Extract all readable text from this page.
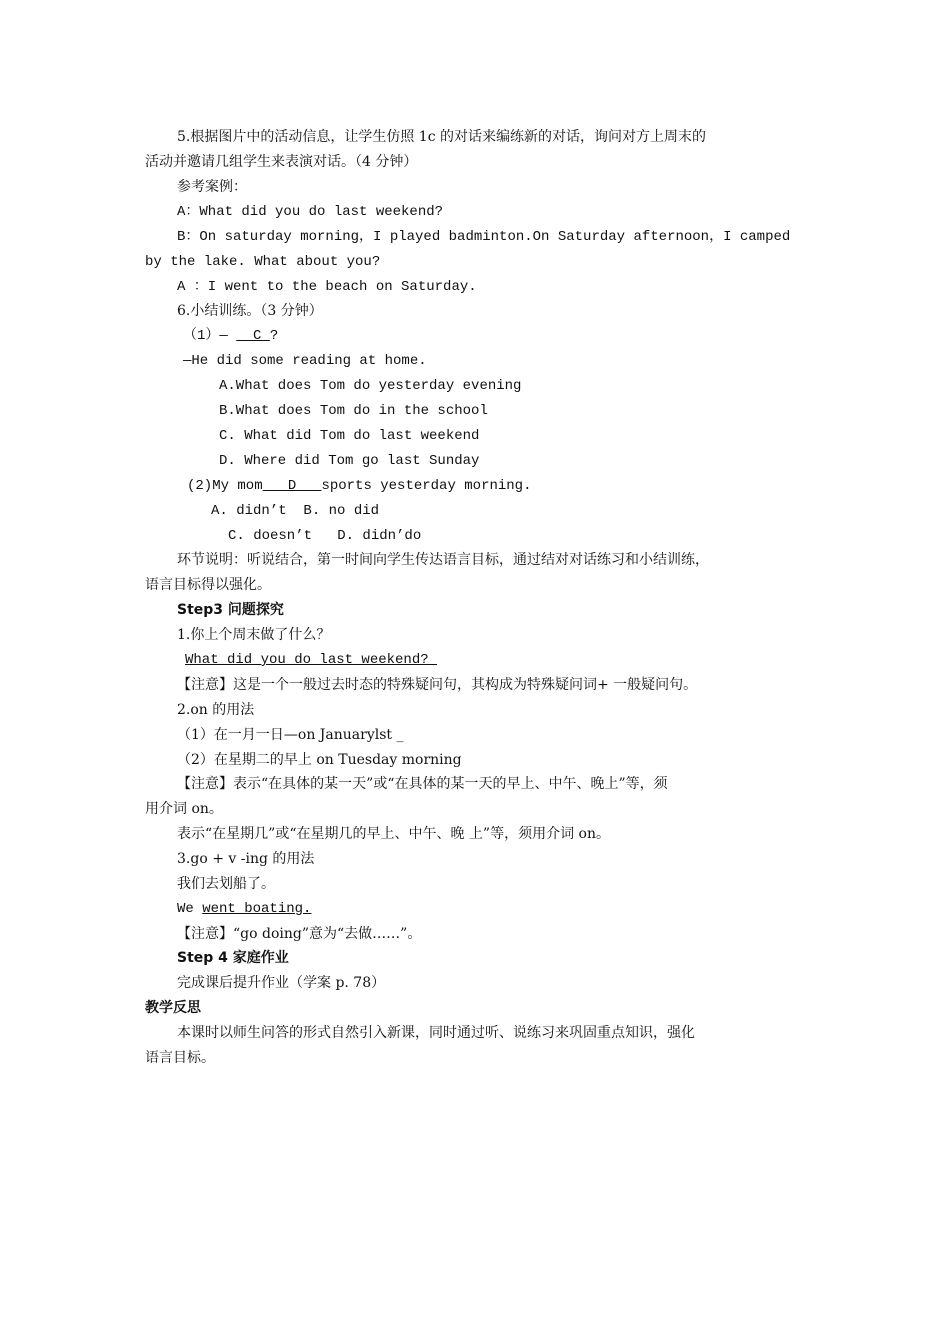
5.根据图片中的活动信息，让学生仿照 1c 的对话来编练新的对话，询问对方上周末的
活动并邀请几组学生来表演对话。（4 分钟）
参考案例：
A：What did you do last weekend?
B：On saturday morning，I played badminton.On Saturday afternoon，I camped
by the lake. What about you?
A ：I went to the beach on Saturday.
6.小结训练。（3 分钟）
（1）—   C ?
—He did some reading at home.
A.What does Tom do yesterday evening
B.What does Tom do in the school
C. What did Tom do last weekend
D. Where did Tom go last Sunday
(2)My mom   D   sports yesterday morning.
A. didn’t  B. no did
C. doesn’t   D. didn’do
环节说明：听说结合，第一时间向学生传达语言目标，通过结对对话练习和小结训练，
语言目标得以强化。
Step3 问题探究
1.你上个周末做了什么？
What did you do last weekend?
【注意】这是一个一般过去时态的特殊疑问句，其构成为特殊疑问词+ 一般疑问句。
2.on 的用法
（1）在一月一日—on Januarylst _
（2）在星期二的早上 on Tuesday morning
【注意】表示“在具体的某一天”或“在具体的某一天的早上、中午、晚上”等，须
用介词 on。
表示“在星期几”或“在星期几的早上、中午、晚 上”等，须用介词 on。
3.go + v -ing 的用法
我们去划船了。
We went boating.
【注意】“go doing”意为“去做……”。
Step 4 家庭作业
完成课后提升作业（学案 p. 78）
教学反思
本课时以师生问答的形式自然引入新课，同时通过听、说练习来巩固重点知识，强化
语言目标。
